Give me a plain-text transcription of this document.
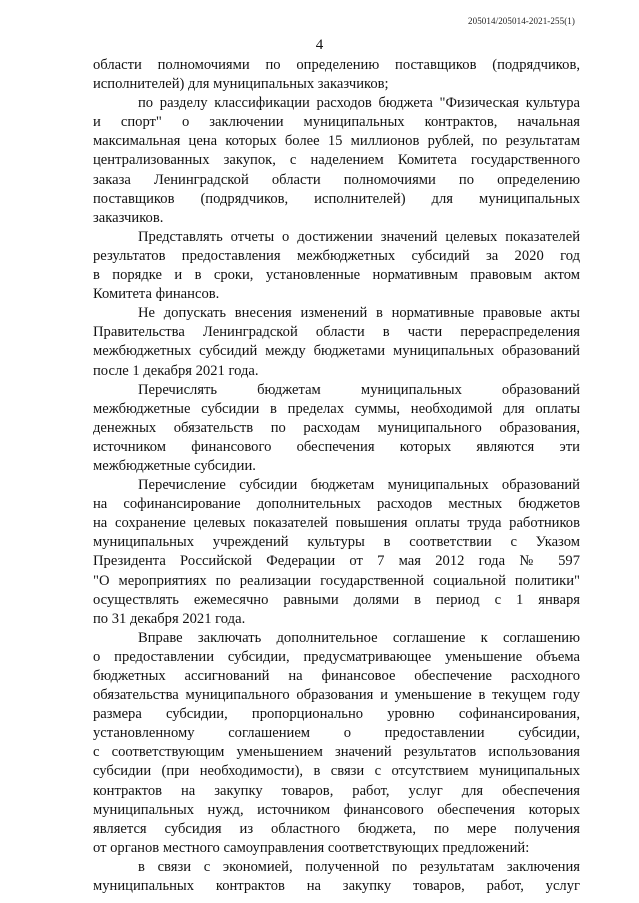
205014/205014-2021-255(1)
4
области полномочиями по определению поставщиков (подрядчиков,
исполнителей) для муниципальных заказчиков;
по разделу классификации расходов бюджета "Физическая культура
и спорт" о заключении муниципальных контрактов, начальная
максимальная цена которых более 15 миллионов рублей, по результатам
централизованных закупок, с наделением Комитета государственного
заказа Ленинградской области полномочиями по определению
поставщиков (подрядчиков, исполнителей) для муниципальных
заказчиков.
Представлять отчеты о достижении значений целевых показателей
результатов предоставления межбюджетных субсидий за 2020 год
в порядке и в сроки, установленные нормативным правовым актом
Комитета финансов.
Не допускать внесения изменений в нормативные правовые акты
Правительства Ленинградской области в части перераспределения
межбюджетных субсидий между бюджетами муниципальных образований
после 1 декабря 2021 года.
Перечислять бюджетам муниципальных образований
межбюджетные субсидии в пределах суммы, необходимой для оплаты
денежных обязательств по расходам муниципального образования,
источником финансового обеспечения которых являются эти
межбюджетные субсидии.
Перечисление субсидии бюджетам муниципальных образований
на софинансирование дополнительных расходов местных бюджетов
на сохранение целевых показателей повышения оплаты труда работников
муниципальных учреждений культуры в соответствии с Указом
Президента Российской Федерации от 7 мая 2012 года № 597
"О мероприятиях по реализации государственной социальной политики"
осуществлять ежемесячно равными долями в период с 1 января
по 31 декабря 2021 года.
Вправе заключать дополнительное соглашение к соглашению
о предоставлении субсидии, предусматривающее уменьшение объема
бюджетных ассигнований на финансовое обеспечение расходного
обязательства муниципального образования и уменьшение в текущем году
размера субсидии, пропорционально уровню софинансирования,
установленному соглашением о предоставлении субсидии,
с соответствующим уменьшением значений результатов использования
субсидии (при необходимости), в связи с отсутствием муниципальных
контрактов на закупку товаров, работ, услуг для обеспечения
муниципальных нужд, источником финансового обеспечения которых
является субсидия из областного бюджета, по мере получения
от органов местного самоуправления соответствующих предложений:
в связи с экономией, полученной по результатам заключения
муниципальных контрактов на закупку товаров, работ, услуг
